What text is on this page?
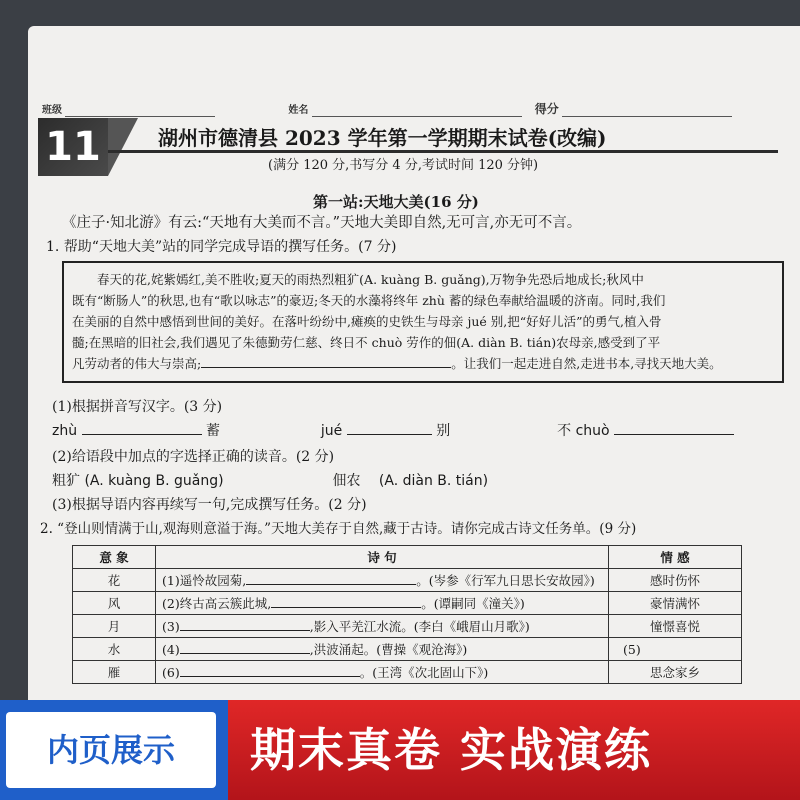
班级	姓名	得分
11	湖州市德清县 2023 学年第一学期期末试卷(改编)
(满分 120 分,书写分 4 分,考试时间 120 分钟)
第一站:天地大美(16 分)
《庄子·知北游》有云:“天地有大美而不言。”天地大美即自然,无可言,亦无可不言。
1. 帮助“天地大美”站的同学完成导语的撰写任务。(7 分)

春天的花,姹紫嫣红,美不胜收;夏天的雨热烈粗犷(A. kuàng B. guǎng),万物争先恐后地成长;秋风中

既有“断肠人”的秋思,也有“歌以咏志”的豪迈;冬天的水藻将终年 zhù 蓄的绿色奉献给温暖的济南。同时,我们

在美丽的自然中感悟到世间的美好。在落叶纷纷中,瘫痪的史铁生与母亲 jué 别,把“好好儿活”的勇气,植入骨

髓;在黑暗的旧社会,我们遇见了朱德勤劳仁慈、终日不 chuò 劳作的佃(A. diàn B. tián)农母亲,感受到了平

凡劳动者的伟大与崇高;	。让我们一起走进自然,走进书本,寻找天地大美。

(1)根据拼音写汉字。(3 分)
zhù	蓄	jué	别	不 chuò
(2)给语段中加点的字选择正确的读音。(2 分)
粗犷 (A. kuàng B. guǎng)	佃农 (A. diàn B. tián)
(3)根据导语内容再续写一句,完成撰写任务。(2 分)
2. “登山则情满于山,观海则意溢于海。”天地大美存于自然,藏于古诗。请你完成古诗文任务单。(9 分)
意 象	诗 句	情 感
花	(1)遥怜故园菊, 。(岑参《行军九日思长安故园》)	感时伤怀
风	(2)终古高云簇此城, 。(谭嗣同《潼关》)	豪情满怀
月	(3) ,影入平羌江水流。(李白《峨眉山月歌》)	憧憬喜悦
水	(4) ,洪波涌起。(曹操《观沧海》)	(5)
雁	(6) 。(王湾《次北固山下》)	思念家乡
内页展示	期末真卷 实战演练
